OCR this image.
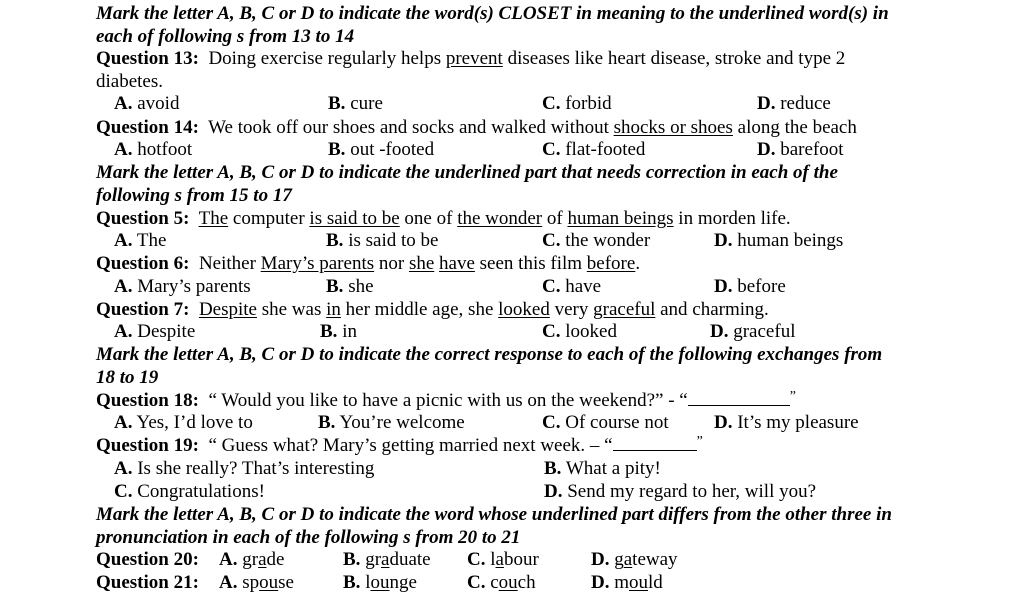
Mark the letter A, B, C or D to indicate the word(s) CLOSET in meaning to the underlined word(s) in
each of following s from 13 to 14
Question 13: Doing exercise regularly helps prevent diseases like heart disease, stroke and type 2
diabetes.
A. avoid	B. cure	C. forbid	D. reduce
Question 14: We took off our shoes and socks and walked without shocks or shoes along the beach
A. hotfoot	B. out -footed	C. flat-footed	D. barefoot
Mark the letter A, B, C or D to indicate the underlined part that needs correction in each of the
following s from 15 to 17
Question 5: The computer is said to be one of the wonder of human beings in morden life.
A. The	B. is said to be	C. the wonder	D. human beings
Question 6: Neither Mary’s parents nor she have seen this film before.
A. Mary’s parents	B. she	C. have	D. before
Question 7: Despite she was in her middle age, she looked very graceful and charming.
A. Despite	B. in	C. looked	D. graceful
Mark the letter A, B, C or D to indicate the correct response to each of the following exchanges from
18 to 19
Question 18: “ Would you like to have a picnic with us on the weekend?” - “	”
A. Yes, I’d love to	B. You’re welcome	C. Of course not D. It’s my pleasure
Question 19: “ Guess what? Mary’s getting married next week. – “	”
A. Is she really? That’s interesting	B. What a pity!
C. Congratulations!	D. Send my regard to her, will you?
Mark the letter A, B, C or D to indicate the word whose underlined part differs from the other three in
pronunciation in each of the following s from 20 to 21
Question 20: A. grade	B. graduate C. labour	D. gateway
Question 21: A. spouse	B. lounge	C. couch	D. mould
